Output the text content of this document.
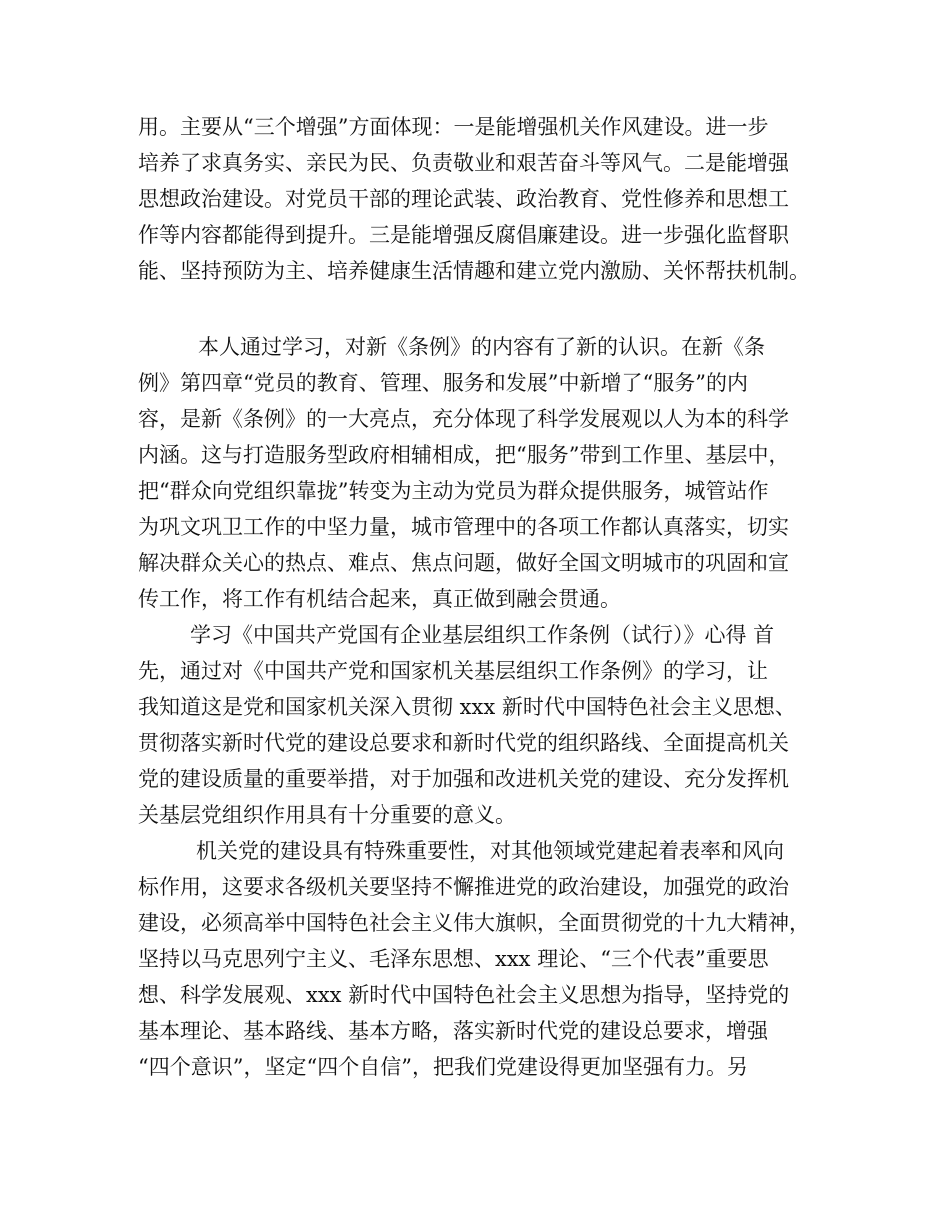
用。主要从“三个增强”方面体现：一是能增强机关作风建设。进一步
培养了求真务实、亲民为民、负责敬业和艰苦奋斗等风气。二是能增强
思想政治建设。对党员干部的理论武装、政治教育、党性修养和思想工
作等内容都能得到提升。三是能增强反腐倡廉建设。进一步强化监督职
能、坚持预防为主、培养健康生活情趣和建立党内激励、关怀帮扶机制。
本人通过学习，对新《条例》的内容有了新的认识。在新《条
例》第四章“党员的教育、管理、服务和发展”中新增了“服务”的内
容，是新《条例》的一大亮点，充分体现了科学发展观以人为本的科学
内涵。这与打造服务型政府相辅相成，把“服务”带到工作里、基层中，
把“群众向党组织靠拢”转变为主动为党员为群众提供服务，城管站作
为巩文巩卫工作的中坚力量，城市管理中的各项工作都认真落实，切实
解决群众关心的热点、难点、焦点问题，做好全国文明城市的巩固和宣
传工作，将工作有机结合起来，真正做到融会贯通。
学习《中国共产党国有企业基层组织工作条例（试行）》心得 首
先，通过对《中国共产党和国家机关基层组织工作条例》的学习，让
我知道这是党和国家机关深入贯彻 xxx 新时代中国特色社会主义思想、
贯彻落实新时代党的建设总要求和新时代党的组织路线、全面提高机关
党的建设质量的重要举措，对于加强和改进机关党的建设、充分发挥机
关基层党组织作用具有十分重要的意义。
机关党的建设具有特殊重要性，对其他领域党建起着表率和风向
标作用，这要求各级机关要坚持不懈推进党的政治建设，加强党的政治
建设，必须高举中国特色社会主义伟大旗帜，全面贯彻党的十九大精神，
坚持以马克思列宁主义、毛泽东思想、xxx 理论、“三个代表”重要思
想、科学发展观、xxx 新时代中国特色社会主义思想为指导，坚持党的
基本理论、基本路线、基本方略，落实新时代党的建设总要求，增强
“四个意识”，坚定“四个自信”，把我们党建设得更加坚强有力。另
